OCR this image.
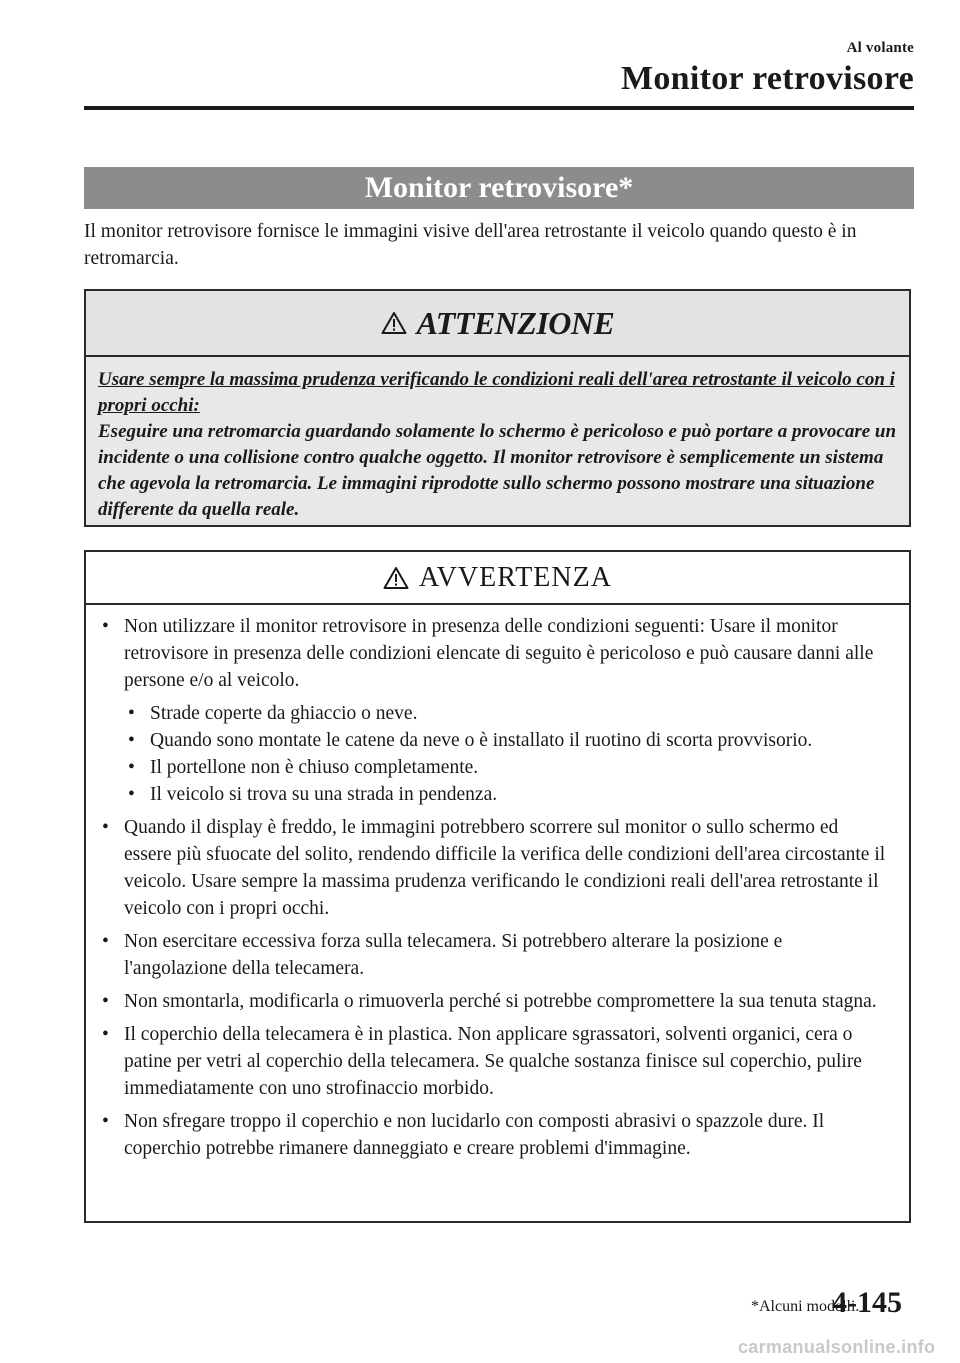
Al volante
Monitor retrovisore
Monitor retrovisore*
Il monitor retrovisore fornisce le immagini visive dell'area retrostante il veicolo quando questo è in retromarcia.
ATTENZIONE
Usare sempre la massima prudenza verificando le condizioni reali dell'area retrostante il veicolo con i propri occhi:
Eseguire una retromarcia guardando solamente lo schermo è pericoloso e può portare a provocare un incidente o una collisione contro qualche oggetto. Il monitor retrovisore è semplicemente un sistema che agevola la retromarcia. Le immagini riprodotte sullo schermo possono mostrare una situazione differente da quella reale.
AVVERTENZA
• Non utilizzare il monitor retrovisore in presenza delle condizioni seguenti: Usare il monitor retrovisore in presenza delle condizioni elencate di seguito è pericoloso e può causare danni alle persone e/o al veicolo.
• Strade coperte da ghiaccio o neve.
• Quando sono montate le catene da neve o è installato il ruotino di scorta provvisorio.
• Il portellone non è chiuso completamente.
• Il veicolo si trova su una strada in pendenza.
• Quando il display è freddo, le immagini potrebbero scorrere sul monitor o sullo schermo ed essere più sfuocate del solito, rendendo difficile la verifica delle condizioni dell'area circostante il veicolo. Usare sempre la massima prudenza verificando le condizioni reali dell'area retrostante il veicolo con i propri occhi.
• Non esercitare eccessiva forza sulla telecamera. Si potrebbero alterare la posizione e l'angolazione della telecamera.
• Non smontarla, modificarla o rimuoverla perché si potrebbe compromettere la sua tenuta stagna.
• Il coperchio della telecamera è in plastica. Non applicare sgrassatori, solventi organici, cera o patine per vetri al coperchio della telecamera. Se qualche sostanza finisce sul coperchio, pulire immediatamente con uno strofinaccio morbido.
• Non sfregare troppo il coperchio e non lucidarlo con composti abrasivi o spazzole dure. Il coperchio potrebbe rimanere danneggiato e creare problemi d'immagine.
*Alcuni modelli.
4-145
carmanualsonline.info
